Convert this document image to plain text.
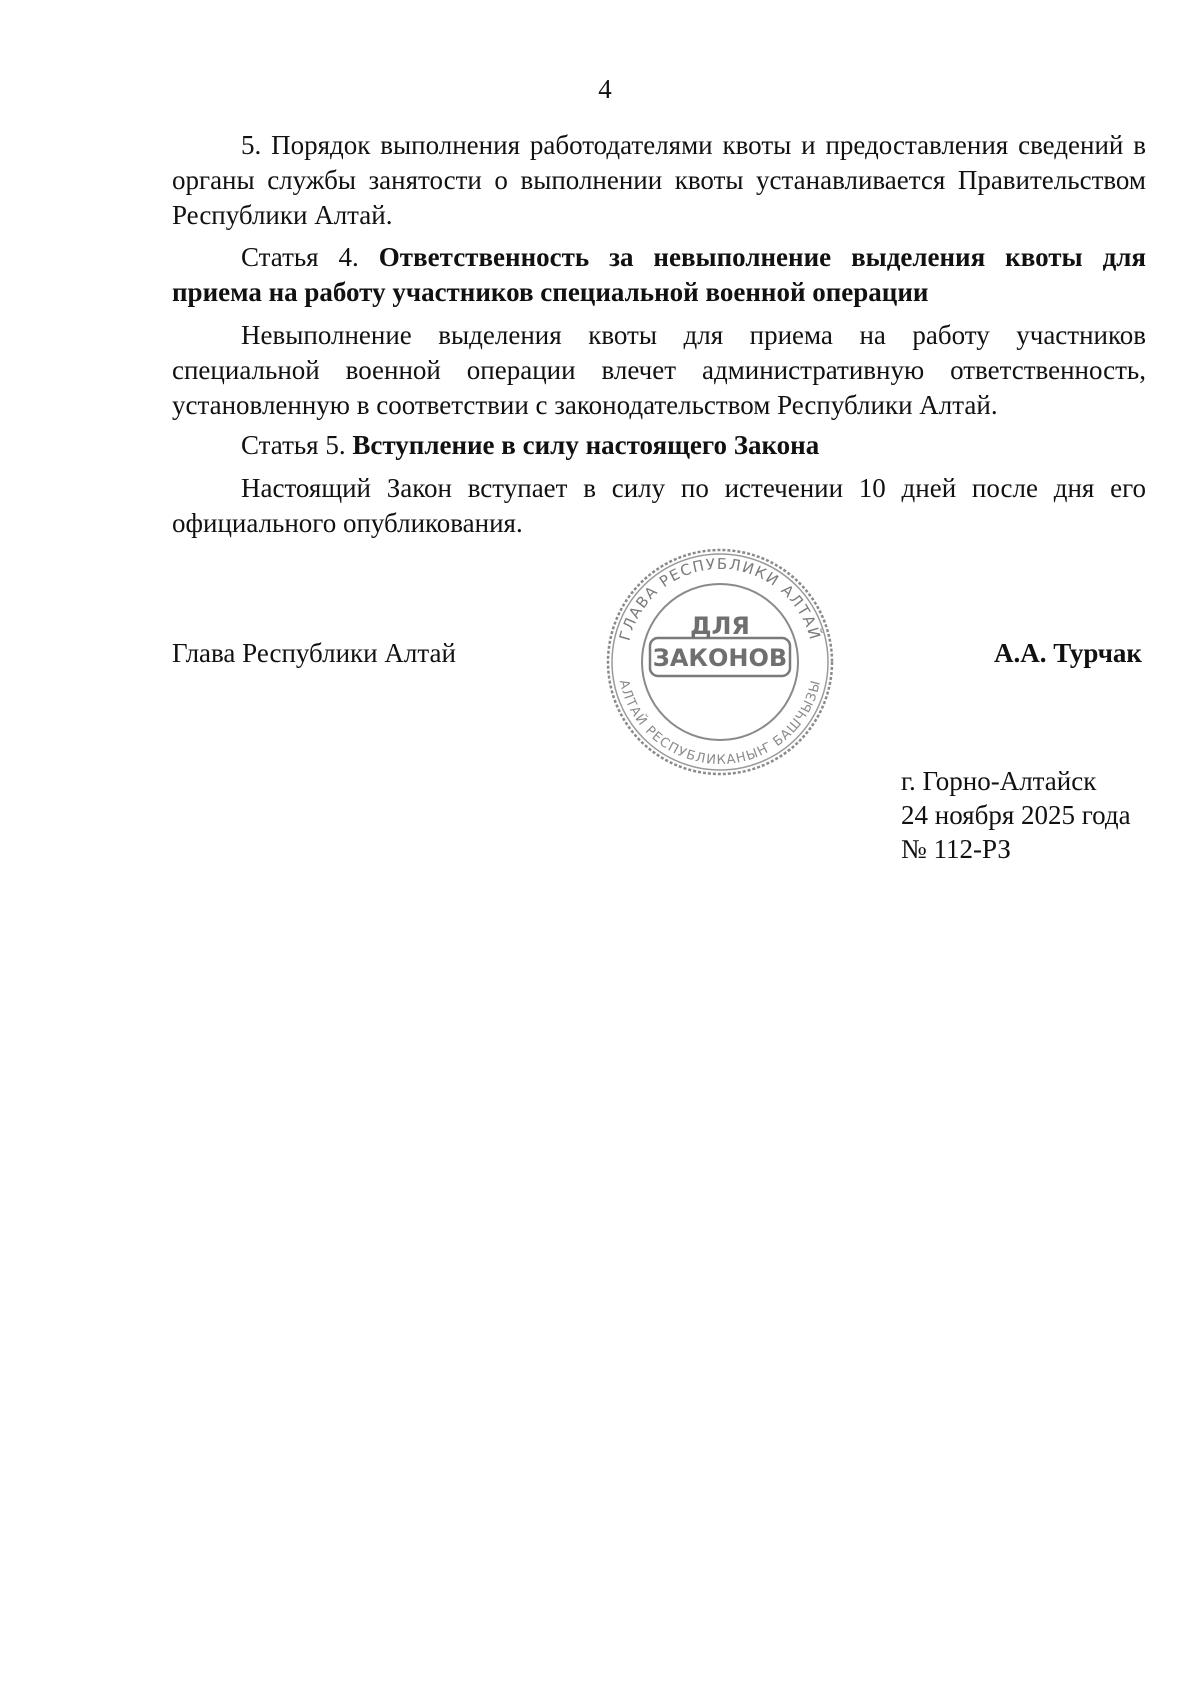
4

5. Порядок выполнения работодателями квоты и предоставления сведений в органы службы занятости о выполнении квоты устанавливается Правительством Республики Алтай.

Статья 4. Ответственность за невыполнение выделения квоты для приема на работу участников специальной военной операции

Невыполнение выделения квоты для приема на работу участников специальной военной операции влечет административную ответственность, установленную в соответствии с законодательством Республики Алтай.

Статья 5. Вступление в силу настоящего Закона

Настоящий Закон вступает в силу по истечении 10 дней после дня его официального опубликования.

Глава Республики Алтай	А.А. Турчак
ГЛАВА РЕСПУБЛИКИ АЛТАЙ
АЛТАЙ РЕСПУБЛИКАНЫҤ БАШЧЫЗЫ
ДЛЯ
ЗАКОНОВ
г. Горно-Алтайск
24 ноября 2025 года
№ 112-РЗ
